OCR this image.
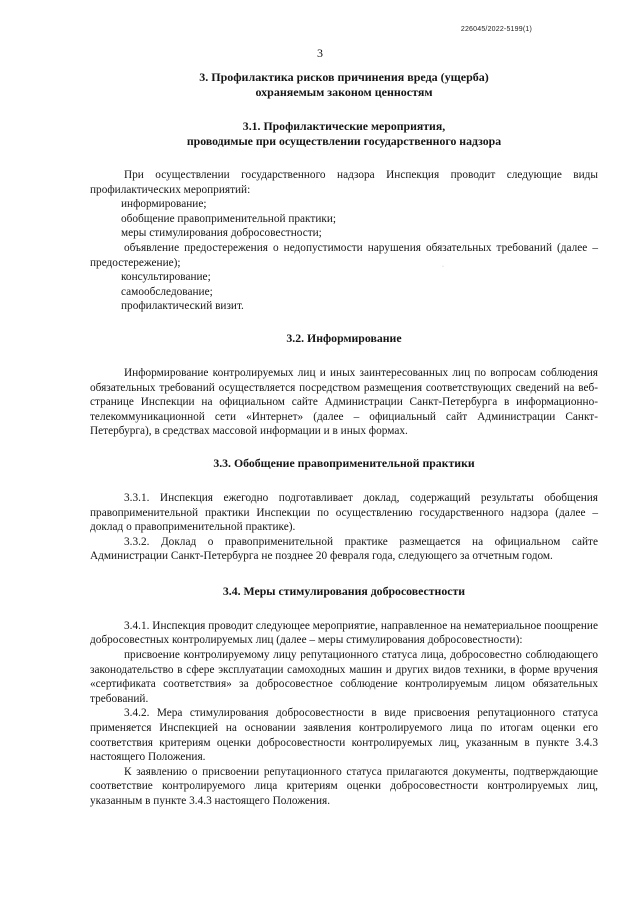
226045/2022-5199(1)
3
·
3. Профилактика рисков причинения вреда (ущерба)
охраняемым законом ценностям
3.1. Профилактические мероприятия,
проводимые при осуществлении государственного надзора

При осуществлении государственного надзора Инспекция проводит следующие виды профилактических мероприятий:

информирование;

обобщение правоприменительной практики;

меры стимулирования добросовестности;

объявление предостережения о недопустимости нарушения обязательных требований (далее – предостережение);

консультирование;

самообследование;

профилактический визит.

3.2. Информирование

Информирование контролируемых лиц и иных заинтересованных лиц по вопросам соблюдения обязательных требований осуществляется посредством размещения соответствующих сведений на веб-странице Инспекции на официальном сайте Администрации Санкт-Петербурга в информационно-телекоммуникационной сети «Интернет» (далее – официальный сайт Администрации Санкт-Петербурга), в средствах массовой информации и в иных формах.

3.3. Обобщение правоприменительной практики

3.3.1. Инспекция ежегодно подготавливает доклад, содержащий результаты обобщения правоприменительной практики Инспекции по осуществлению государственного надзора (далее – доклад о правоприменительной практике).

3.3.2. Доклад о правоприменительной практике размещается на официальном сайте Администрации Санкт-Петербурга не позднее 20 февраля года, следующего за отчетным годом.

3.4. Меры стимулирования добросовестности

3.4.1. Инспекция проводит следующее мероприятие, направленное на нематериальное поощрение добросовестных контролируемых лиц (далее – меры стимулирования добросовестности):

присвоение контролируемому лицу репутационного статуса лица, добросовестно соблюдающего законодательство в сфере эксплуатации самоходных машин и других видов техники, в форме вручения «сертификата соответствия» за добросовестное соблюдение контролируемым лицом обязательных требований.

3.4.2. Мера стимулирования добросовестности в виде присвоения репутационного статуса применяется Инспекцией на основании заявления контролируемого лица по итогам оценки его соответствия критериям оценки добросовестности контролируемых лиц, указанным в пункте 3.4.3 настоящего Положения.

К заявлению о присвоении репутационного статуса прилагаются документы, подтверждающие соответствие контролируемого лица критериям оценки добросовестности контролируемых лиц, указанным в пункте 3.4.3 настоящего Положения.
